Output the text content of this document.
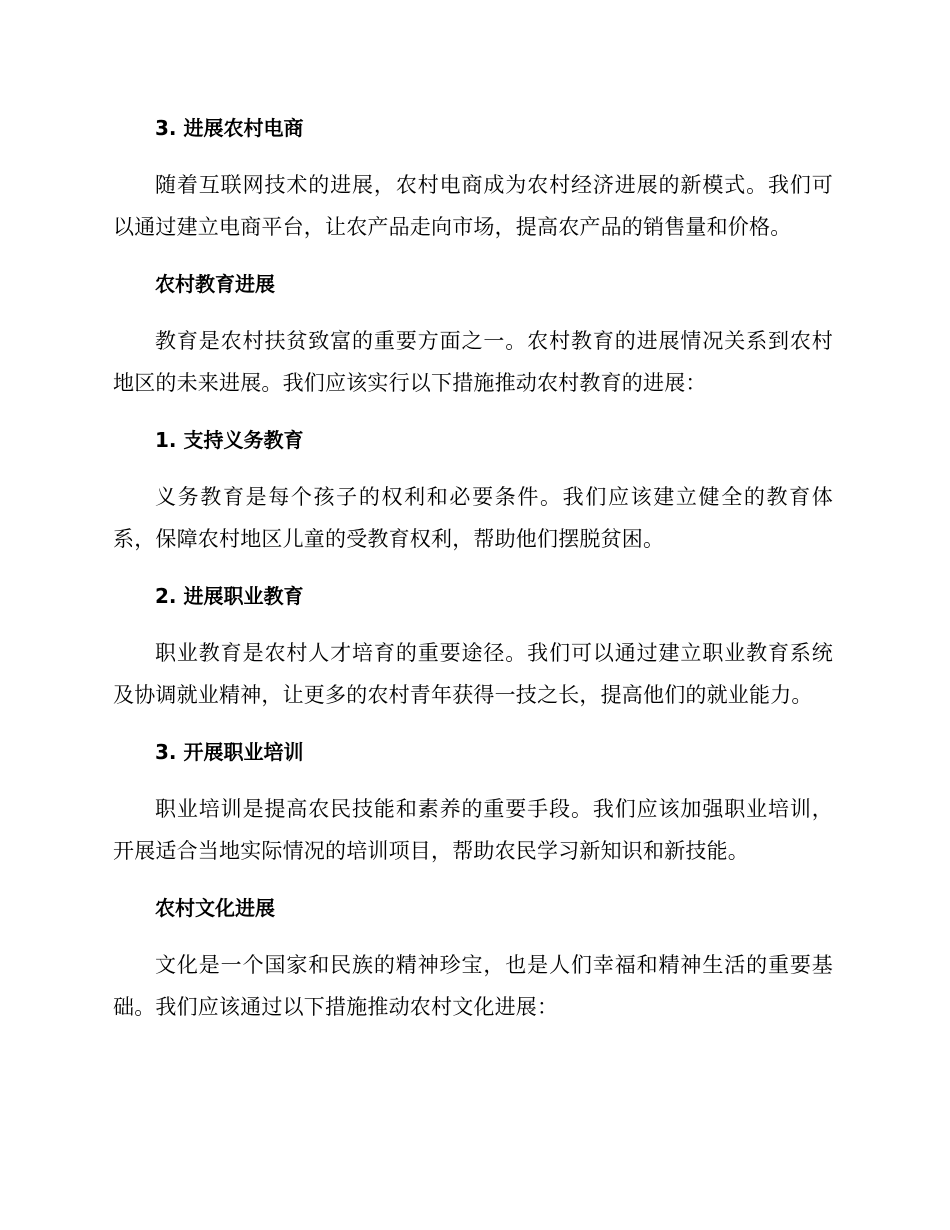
3. 进展农村电商
随着互联网技术的进展，农村电商成为农村经济进展的新模式。我们可以通过建立电商平台，让农产品走向市场，提高农产品的销售量和价格。
农村教育进展
教育是农村扶贫致富的重要方面之一。农村教育的进展情况关系到农村地区的未来进展。我们应该实行以下措施推动农村教育的进展：
1. 支持义务教育
义务教育是每个孩子的权利和必要条件。我们应该建立健全的教育体系，保障农村地区儿童的受教育权利，帮助他们摆脱贫困。
2. 进展职业教育
职业教育是农村人才培育的重要途径。我们可以通过建立职业教育系统及协调就业精神，让更多的农村青年获得一技之长，提高他们的就业能力。
3. 开展职业培训
职业培训是提高农民技能和素养的重要手段。我们应该加强职业培训，开展适合当地实际情况的培训项目，帮助农民学习新知识和新技能。
农村文化进展
文化是一个国家和民族的精神珍宝，也是人们幸福和精神生活的重要基础。我们应该通过以下措施推动农村文化进展：
